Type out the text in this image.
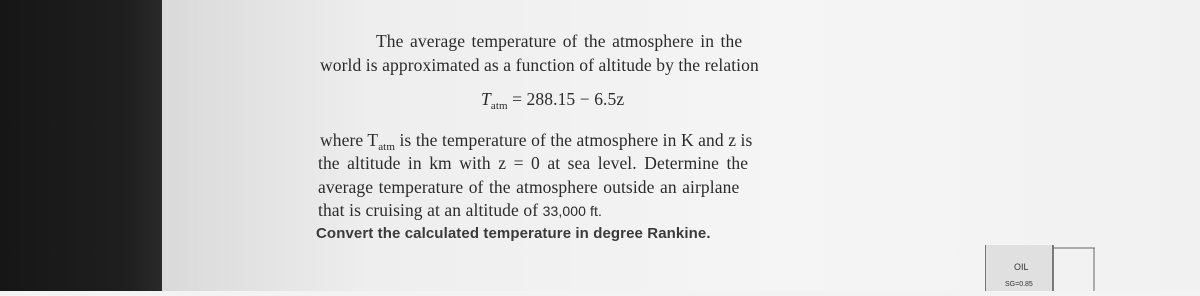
The average temperature of the atmosphere in the
world is approximated as a function of altitude by the relation
$T_{atm} = 288.15 - 6.5z$
where $T_{atm}$ is the temperature of the atmosphere in K and z is
the altitude in km with z = 0 at sea level. Determine the
average temperature of the atmosphere outside an airplane
that is cruising at an altitude of 33,000 ft.
Convert the calculated temperature in degree Rankine.
OIL
SG=0.85
